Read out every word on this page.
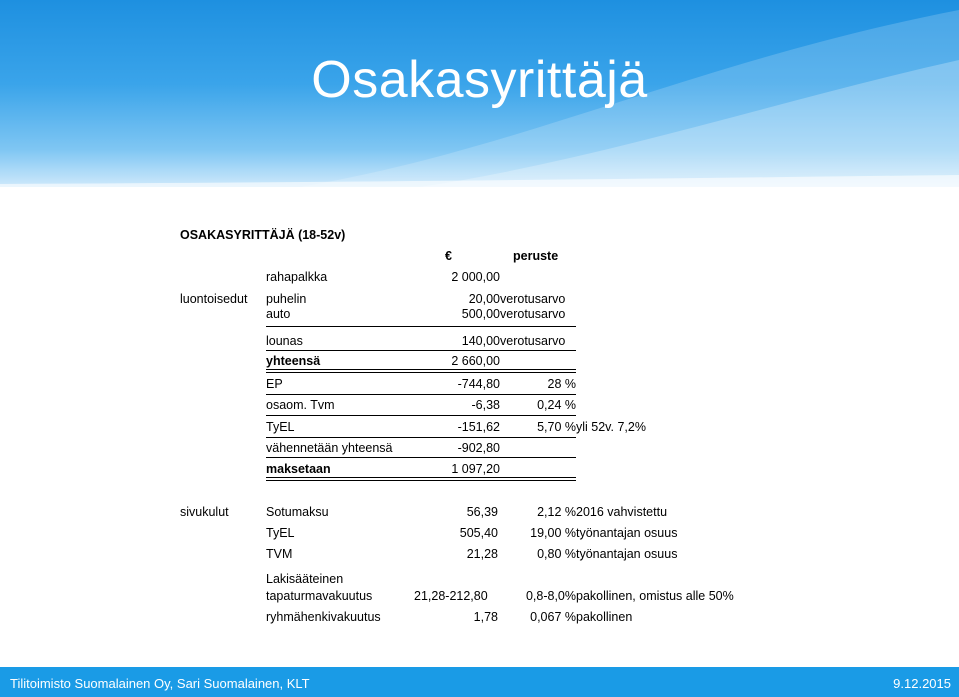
Osakasyrittäjä
OSAKASYRITTÄJÄ (18-52v)
€	peruste
rahapalkka	2 000,00
luontoisedut puhelin	20,00 verotusarvo
auto	500,00 verotusarvo
lounas	140,00 verotusarvo
yhteensä	2 660,00
EP	-744,80	28 %
osaom. Tvm	-6,38	0,24 %
TyEL	-151,62	5,70 % yli 52v. 7,2%
vähennetään yhteensä	-902,80
maksetaan	1 097,20
sivukulut	Sotumaksu	56,39	2,12 % 2016 vahvistettu
TyEL	505,40	19,00 % työnantajan osuus
TVM	21,28	0,80 % työnantajan osuus
Lakisääteinen
tapaturmavakuutus	21,28-212,80	0,8-8,0% pakollinen, omistus alle 50%
ryhmähenkivakuutus	1,78	0,067 % pakollinen
Tilitoimisto Suomalainen Oy, Sari Suomalainen, KLT	9.12.2015
